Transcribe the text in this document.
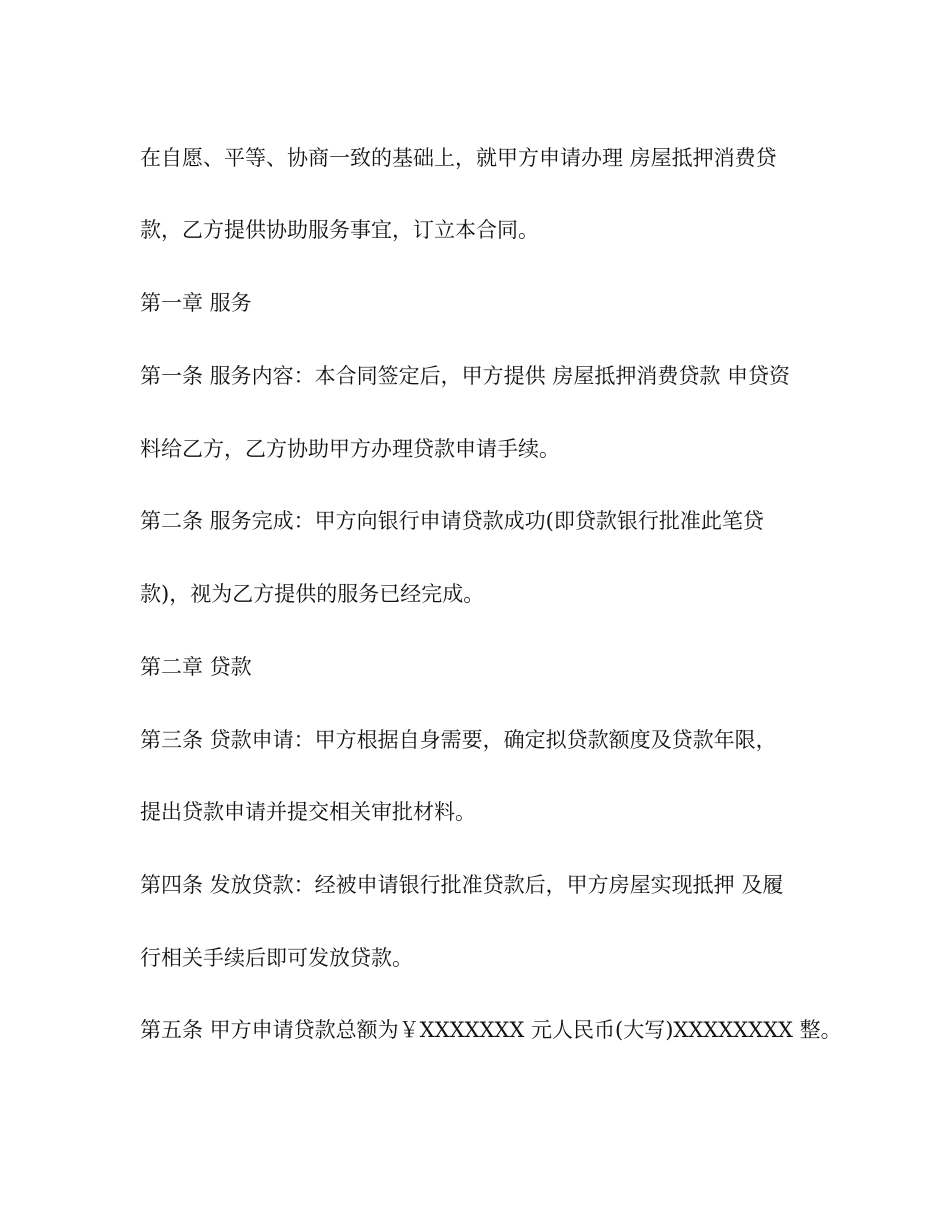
在自愿、平等、协商一致的基础上，就甲方申请办理 房屋抵押消费贷
款，乙方提供协助服务事宜，订立本合同。
第一章 服务
第一条 服务内容：本合同签定后，甲方提供 房屋抵押消费贷款 申贷资
料给乙方，乙方协助甲方办理贷款申请手续。
第二条 服务完成：甲方向银行申请贷款成功(即贷款银行批准此笔贷
款)，视为乙方提供的服务已经完成。
第二章 贷款
第三条 贷款申请：甲方根据自身需要，确定拟贷款额度及贷款年限，
提出贷款申请并提交相关审批材料。
第四条 发放贷款：经被申请银行批准贷款后，甲方房屋实现抵押 及履
行相关手续后即可发放贷款。
第五条 甲方申请贷款总额为￥XXXXXXX 元人民币(大写)XXXXXXXX 整。
